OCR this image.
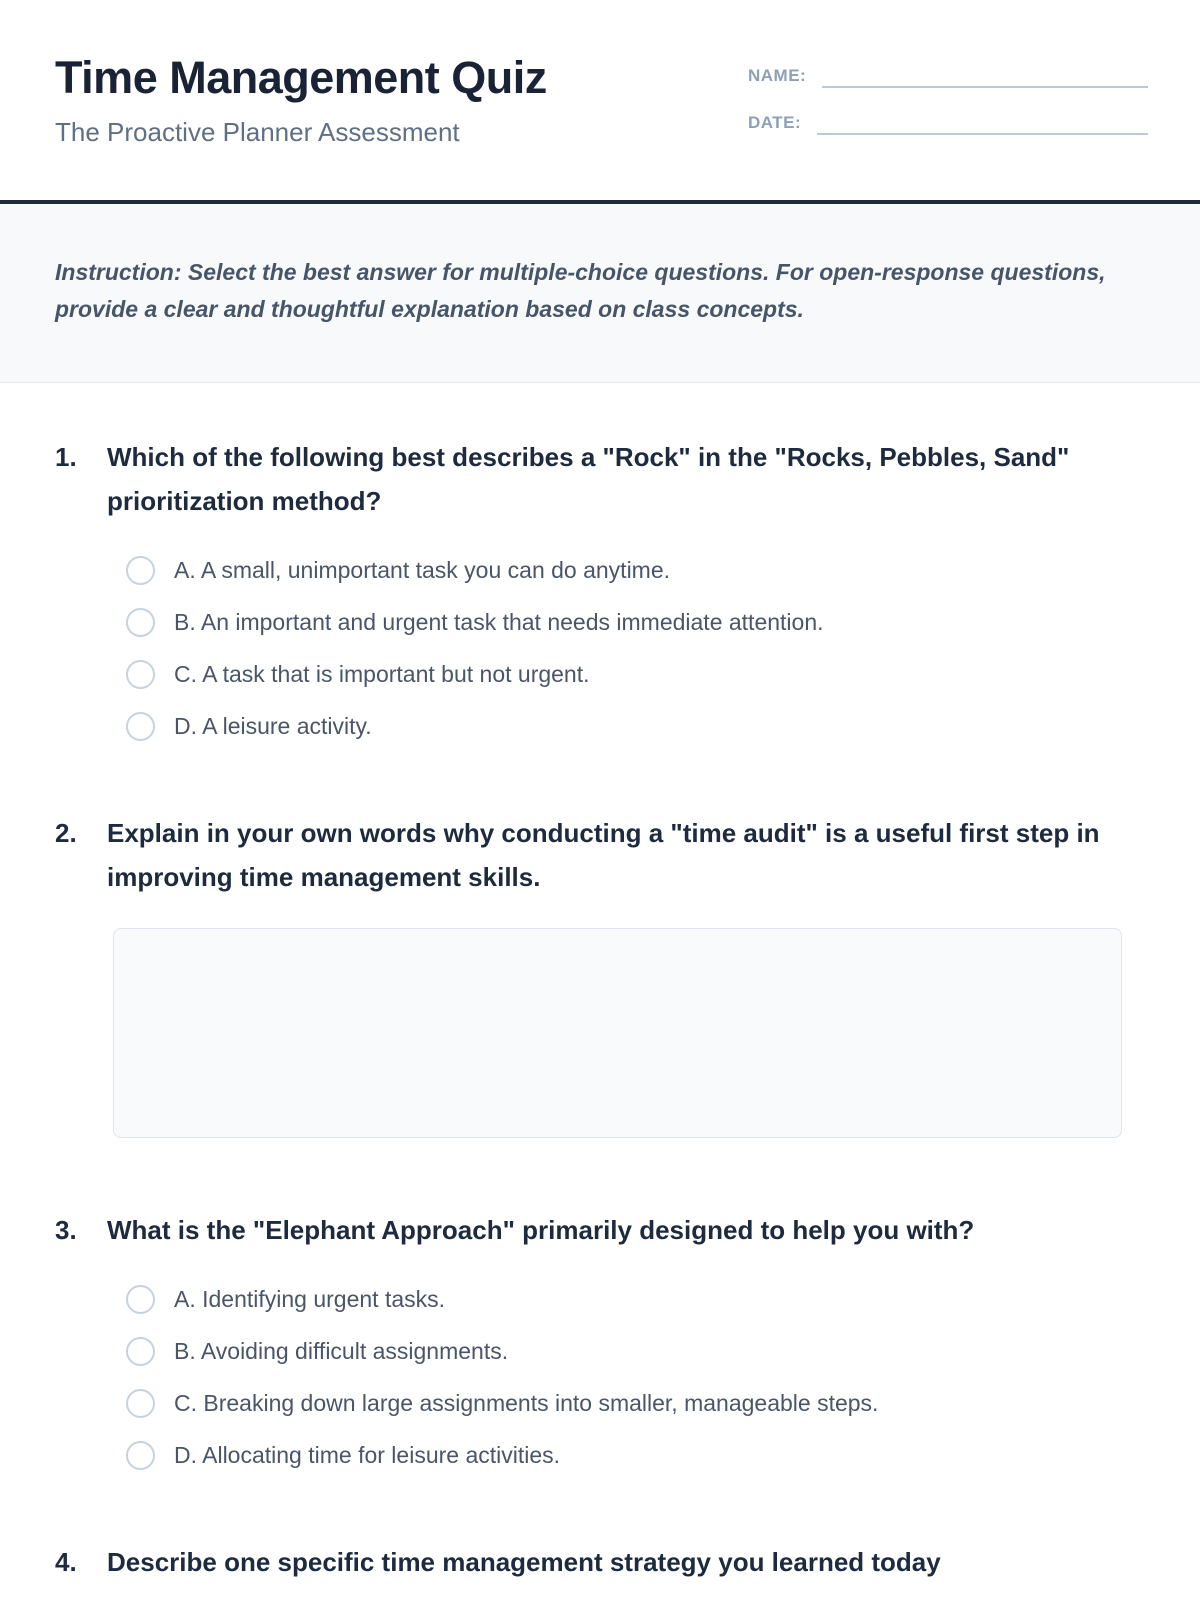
Time Management Quiz

The Proactive Planner Assessment

NAME:
DATE:

Instruction: Select the best answer for multiple-choice questions. For open-response questions, provide a clear and thoughtful explanation based on class concepts.

1.	Which of the following best describes a "Rock" in the "Rocks, Pebbles, Sand" prioritization method?
A. A small, unimportant task you can do anytime.
B. An important and urgent task that needs immediate attention.
C. A task that is important but not urgent.
D. A leisure activity.
2.	Explain in your own words why conducting a "time audit" is a useful first step in improving time management skills.
3.	What is the "Elephant Approach" primarily designed to help you with?
A. Identifying urgent tasks.
B. Avoiding difficult assignments.
C. Breaking down large assignments into smaller, manageable steps.
D. Allocating time for leisure activities.
4.	Describe one specific time management strategy you learned today
